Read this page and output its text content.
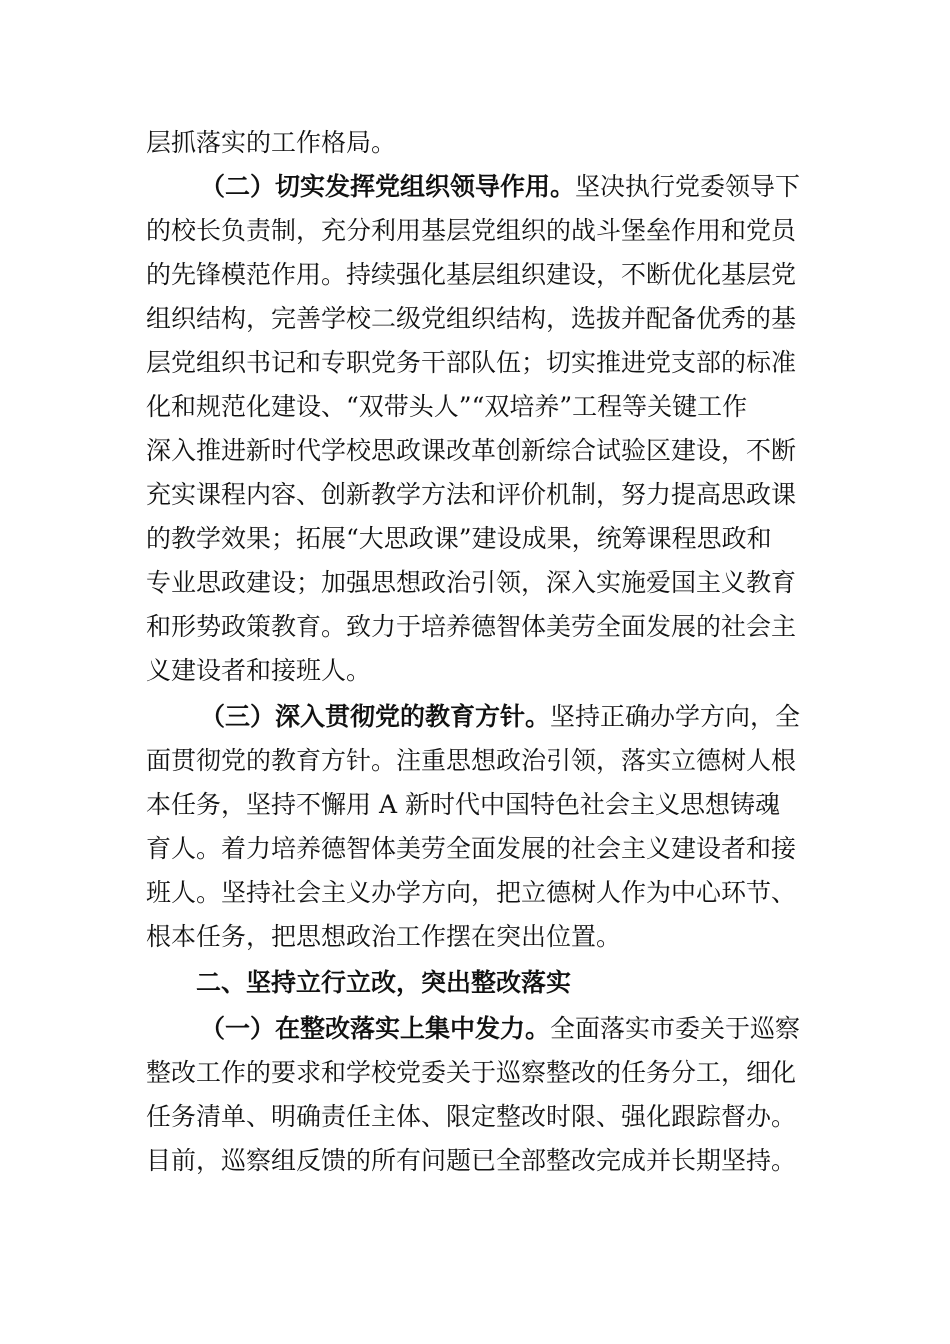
层抓落实的工作格局。
（二）切实发挥党组织领导作用。坚决执行党委领导下
的校长负责制，充分利用基层党组织的战斗堡垒作用和党员
的先锋模范作用。持续强化基层组织建设，不断优化基层党
组织结构，完善学校二级党组织结构，选拔并配备优秀的基
层党组织书记和专职党务干部队伍；切实推进党支部的标准
化和规范化建设、“双带头人”“双培养”工程等关键工作
深入推进新时代学校思政课改革创新综合试验区建设，不断
充实课程内容、创新教学方法和评价机制，努力提高思政课
的教学效果；拓展“大思政课”建设成果，统筹课程思政和
专业思政建设；加强思想政治引领，深入实施爱国主义教育
和形势政策教育。致力于培养德智体美劳全面发展的社会主
义建设者和接班人。
（三）深入贯彻党的教育方针。坚持正确办学方向，全
面贯彻党的教育方针。注重思想政治引领，落实立德树人根
本任务，坚持不懈用 A 新时代中国特色社会主义思想铸魂
育人。着力培养德智体美劳全面发展的社会主义建设者和接
班人。坚持社会主义办学方向，把立德树人作为中心环节、
根本任务，把思想政治工作摆在突出位置。
二、坚持立行立改，突出整改落实
（一）在整改落实上集中发力。全面落实市委关于巡察
整改工作的要求和学校党委关于巡察整改的任务分工，细化
任务清单、明确责任主体、限定整改时限、强化跟踪督办。
目前，巡察组反馈的所有问题已全部整改完成并长期坚持。
